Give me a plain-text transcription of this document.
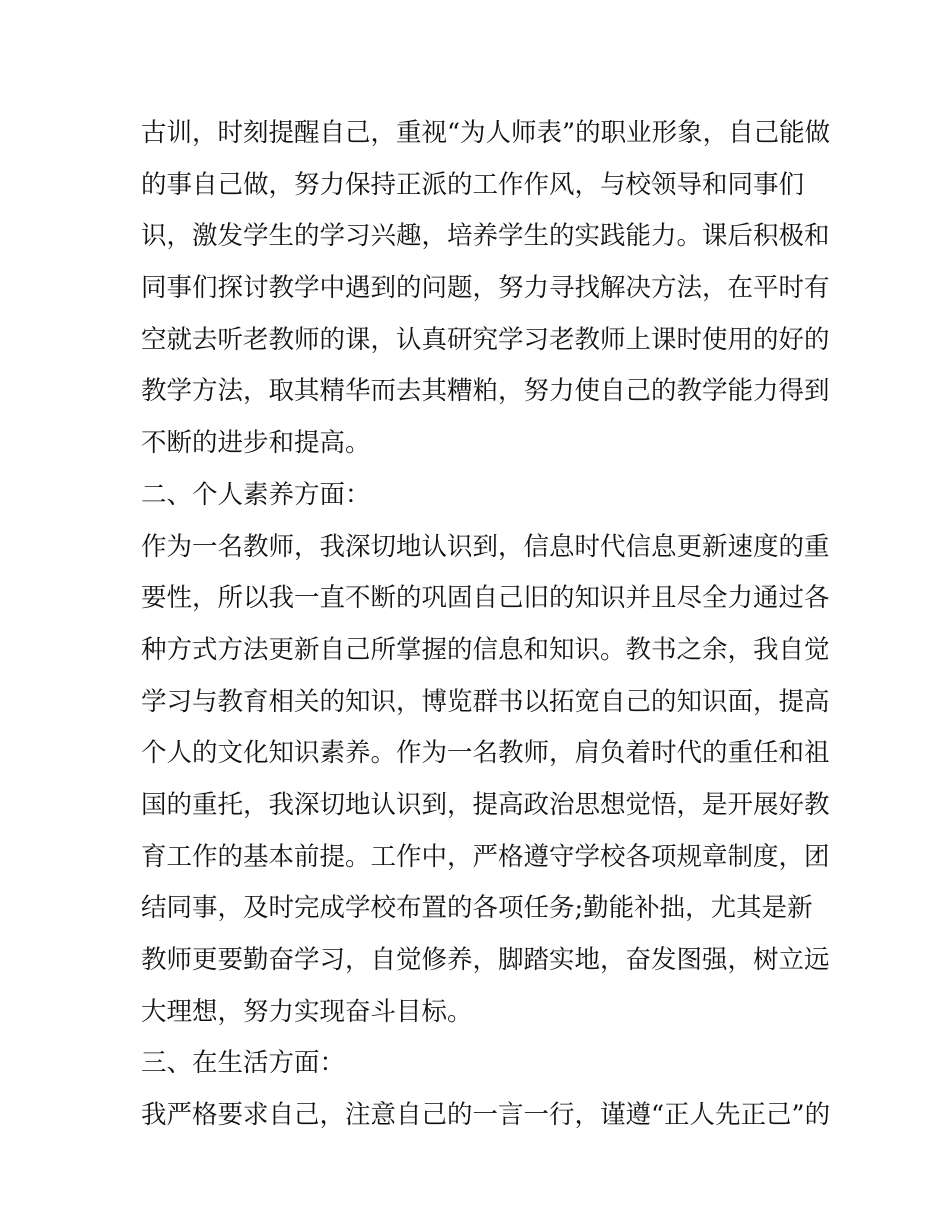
古训，时刻提醒自己，重视“为人师表”的职业形象，自己能做
的事自己做，努力保持正派的工作作风，与校领导和同事们
识，激发学生的学习兴趣，培养学生的实践能力。课后积极和
同事们探讨教学中遇到的问题，努力寻找解决方法，在平时有
空就去听老教师的课，认真研究学习老教师上课时使用的好的
教学方法，取其精华而去其糟粕，努力使自己的教学能力得到
不断的进步和提高。
二、个人素养方面：
作为一名教师，我深切地认识到，信息时代信息更新速度的重
要性，所以我一直不断的巩固自己旧的知识并且尽全力通过各
种方式方法更新自己所掌握的信息和知识。教书之余，我自觉
学习与教育相关的知识，博览群书以拓宽自己的知识面，提高
个人的文化知识素养。作为一名教师，肩负着时代的重任和祖
国的重托，我深切地认识到，提高政治思想觉悟，是开展好教
育工作的基本前提。工作中，严格遵守学校各项规章制度，团
结同事，及时完成学校布置的各项任务;勤能补拙，尤其是新
教师更要勤奋学习，自觉修养，脚踏实地，奋发图强，树立远
大理想，努力实现奋斗目标。
三、在生活方面：
我严格要求自己，注意自己的一言一行，谨遵“正人先正己”的
